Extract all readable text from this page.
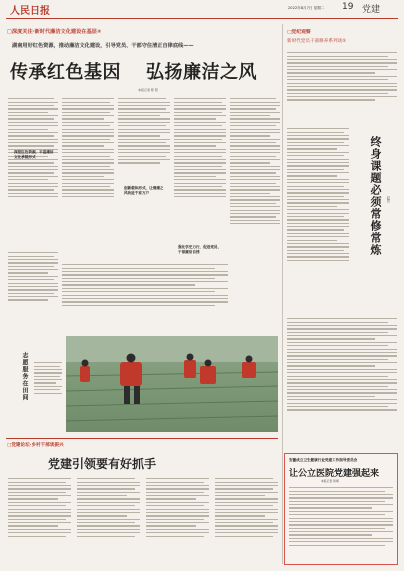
人民日报	2022年8月7日 星期二 19 党建
□深度关注·新时代廉洁文化建设在基层②
湖南用好红色资源，推动廉洁文化建设，引导党员、干部守住清正自律底线——
传承红色基因 弘扬廉洁之风
本报记者 陈 阳
深挖红色资源，丰富廉洁文化承载形式
创新载体形式，让清廉之风吹进千家万户
强化学史力行，促进党员、干部廉洁自律
志愿服务在田间
□党建论坛·乡村干部谈振兴
党建引领要有好抓手
□党纪观察
新时代党员干部修养系列谈⑤
终身课题必须常修常炼 赵贺
安徽成立卫生健康行业党建工作指导委员会
让公立医院党建强起来
本报记者 徐靖
